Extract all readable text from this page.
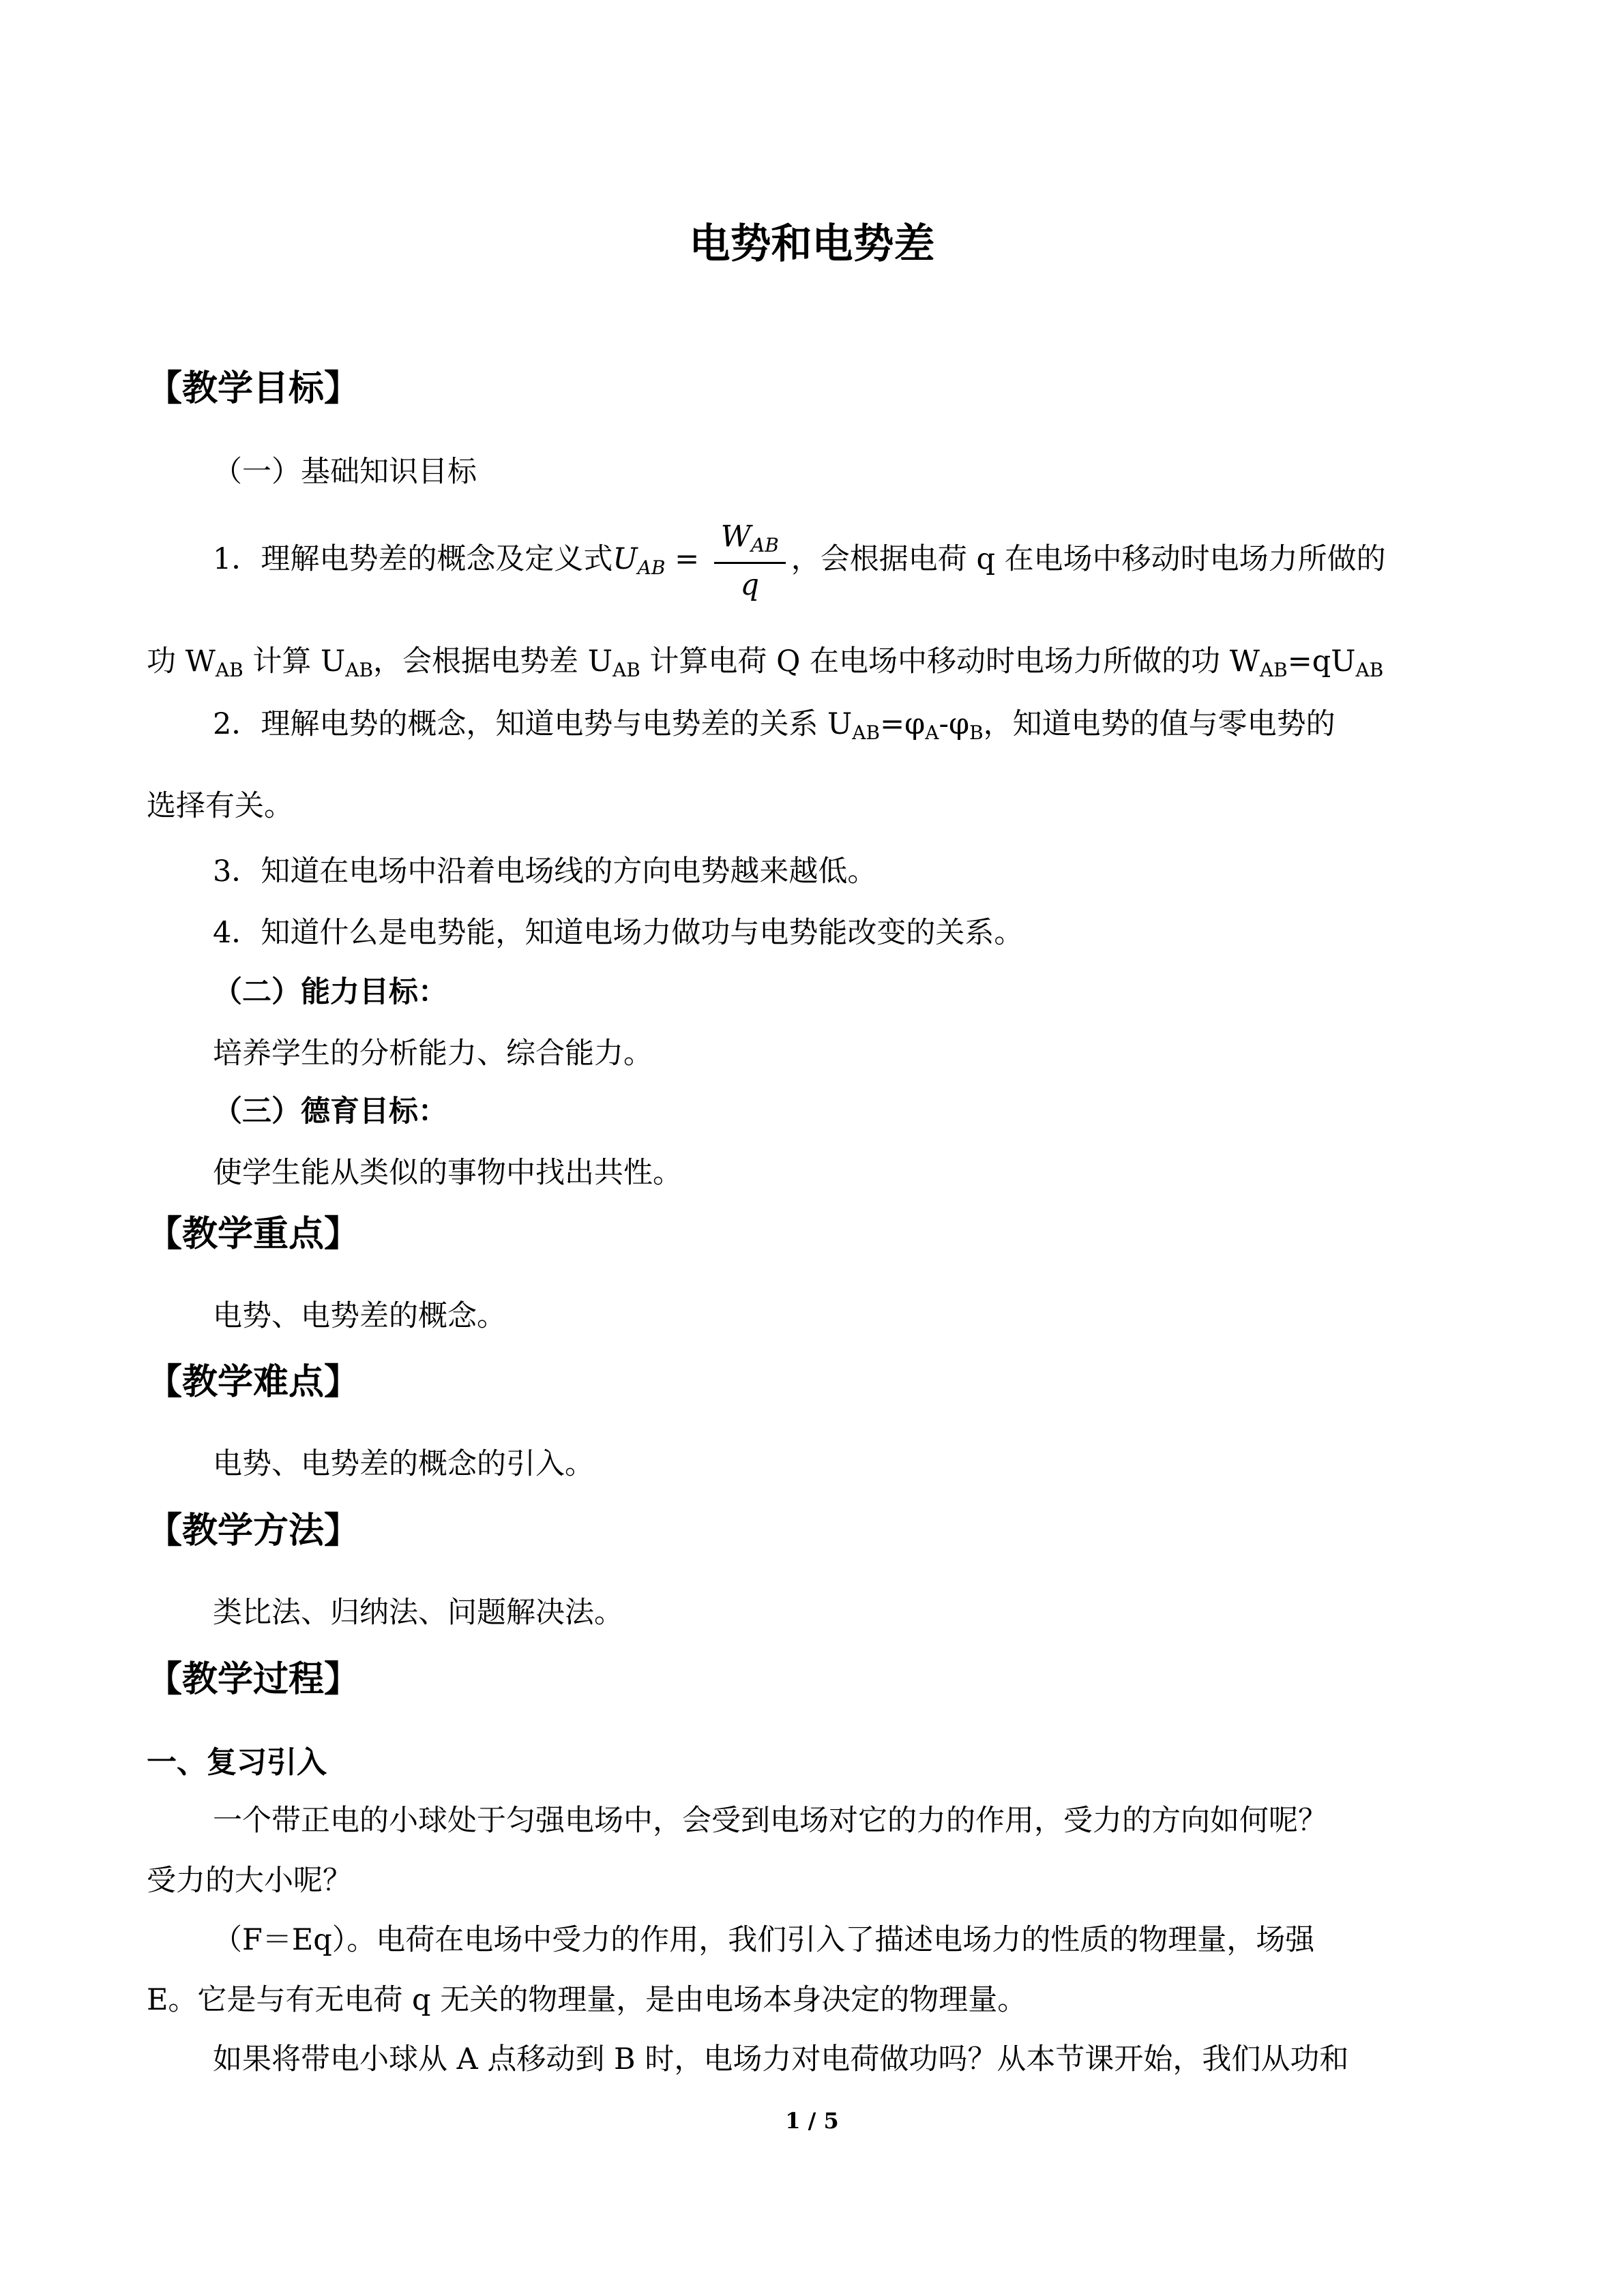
电势和电势差
【教学目标】
（一）基础知识目标
1．理解电势差的概念及定义式$U_{AB} = \frac{W_{AB}}{q}$ ，会根据电荷 q 在电场中移动时电场力所做的
功 $W_{AB}$ 计算 $U_{AB}$，会根据电势差 $U_{AB}$ 计算电荷 Q 在电场中移动时电场力所做的功 $W_{AB}=qU_{AB}$
2．理解电势的概念，知道电势与电势差的关系 $U_{AB}=\varphi_A-\varphi_B$，知道电势的值与零电势的
选择有关。
3．知道在电场中沿着电场线的方向电势越来越低。
4．知道什么是电势能，知道电场力做功与电势能改变的关系。
（二）能力目标：
培养学生的分析能力、综合能力。
（三）德育目标：
使学生能从类似的事物中找出共性。
【教学重点】
电势、电势差的概念。
【教学难点】
电势、电势差的概念的引入。
【教学方法】
类比法、归纳法、问题解决法。
【教学过程】
一、复习引入
一个带正电的小球处于匀强电场中，会受到电场对它的力的作用，受力的方向如何呢？
受力的大小呢？
（F＝Eq）。电荷在电场中受力的作用，我们引入了描述电场力的性质的物理量，场强
E。它是与有无电荷 q 无关的物理量，是由电场本身决定的物理量。
如果将带电小球从 A 点移动到 B 时，电场力对电荷做功吗？从本节课开始，我们从功和
1 / 5
